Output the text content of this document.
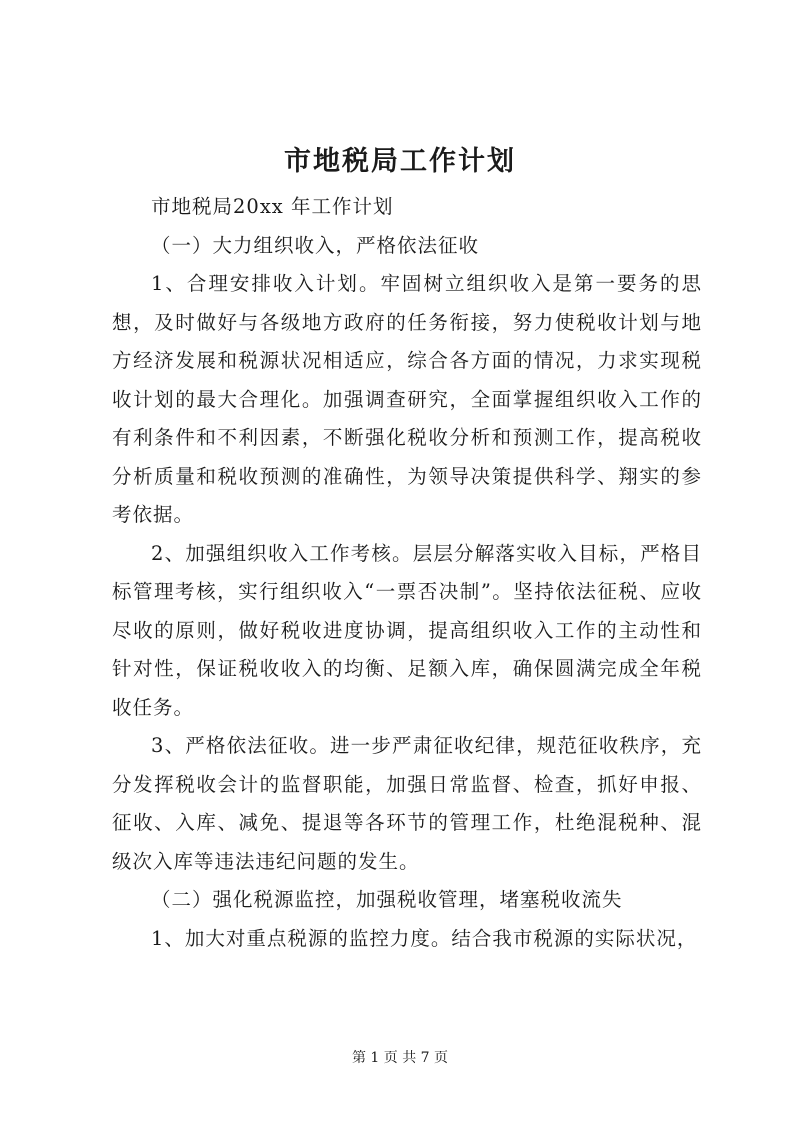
市地税局工作计划

市地税局20xx 年工作计划

（一）大力组织收入，严格依法征收

1、合理安排收入计划。牢固树立组织收入是第一要务的思想，及时做好与各级地方政府的任务衔接，努力使税收计划与地方经济发展和税源状况相适应，综合各方面的情况，力求实现税收计划的最大合理化。加强调查研究，全面掌握组织收入工作的有利条件和不利因素，不断强化税收分析和预测工作，提高税收分析质量和税收预测的准确性，为领导决策提供科学、翔实的参考依据。

2、加强组织收入工作考核。层层分解落实收入目标，严格目标管理考核，实行组织收入“一票否决制”。坚持依法征税、应收尽收的原则，做好税收进度协调，提高组织收入工作的主动性和针对性，保证税收收入的均衡、足额入库，确保圆满完成全年税收任务。

3、严格依法征收。进一步严肃征收纪律，规范征收秩序，充分发挥税收会计的监督职能，加强日常监督、检查，抓好申报、征收、入库、减免、提退等各环节的管理工作，杜绝混税种、混级次入库等违法违纪问题的发生。

（二）强化税源监控，加强税收管理，堵塞税收流失

1、加大对重点税源的监控力度。结合我市税源的实际状况，

第 1 页 共 7 页
